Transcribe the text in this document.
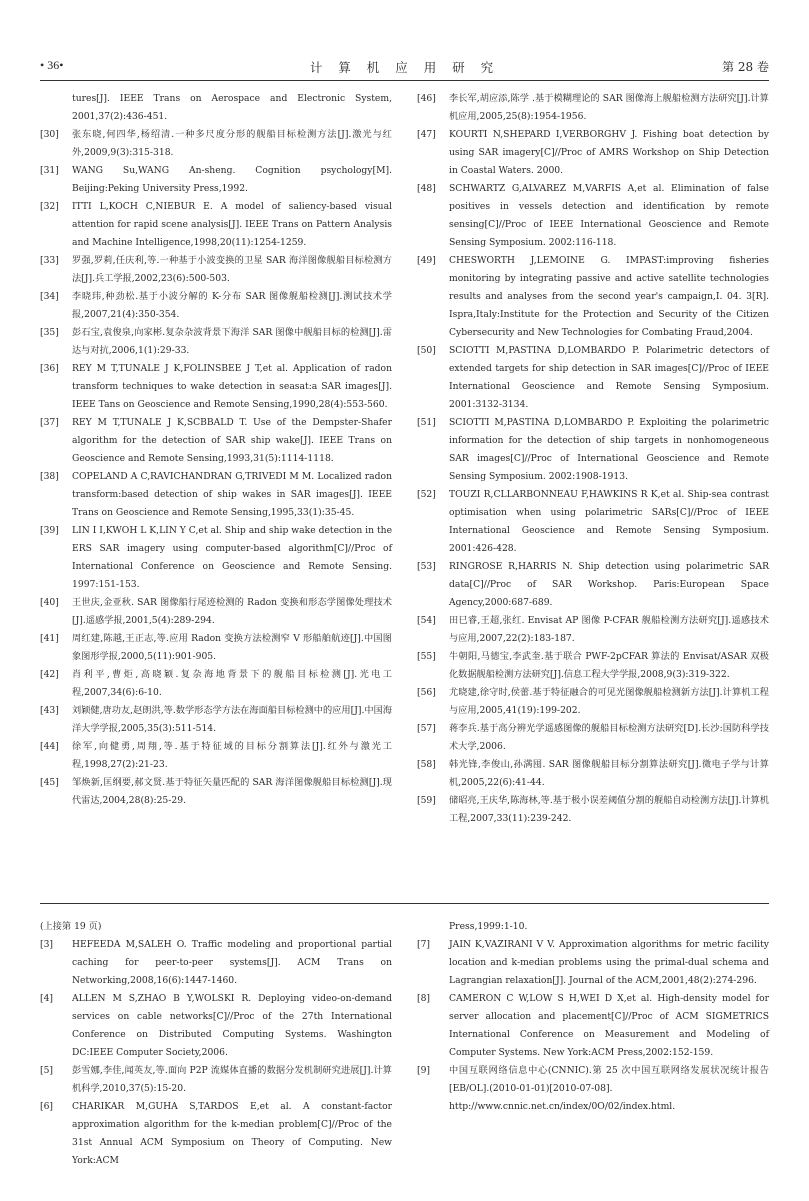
• 36•	计 算 机 应 用 研 究	第 28 卷
tures[J]. IEEE Trans on Aerospace and Electronic System, 2001,37(2):436-451.
[30]	张东晓,何四华,杨绍清.一种多尺度分形的舰船目标检测方法[J].激光与红外,2009,9(3):315-318.
[31]	WANG Su,WANG An-sheng. Cognition psychology[M]. Beijing:Peking University Press,1992.
[32]	ITTI L,KOCH C,NIEBUR E. A model of saliency-based visual attention for rapid scene analysis[J]. IEEE Trans on Pattern Analysis and Machine Intelligence,1998,20(11):1254-1259.
[33]	罗强,罗莉,任庆利,等.一种基于小波变换的卫星 SAR 海洋图像舰船目标检测方法[J].兵工学报,2002,23(6):500-503.
[34]	李晓玮,种劲松.基于小波分解的 K-分布 SAR 图像舰船检测[J].测试技术学报,2007,21(4):350-354.
[35]	彭石宝,袁俊泉,向家彬.复杂杂波背景下海洋 SAR 图像中舰船目标的检测[J].雷达与对抗,2006,1(1):29-33.
[36]	REY M T,TUNALE J K,FOLINSBEE J T,et al. Application of radon transform techniques to wake detection in seasat:a SAR images[J]. IEEE Tans on Geoscience and Remote Sensing,1990,28(4):553-560.
[37]	REY M T,TUNALE J K,SCBBALD T. Use of the Dempster-Shafer algorithm for the detection of SAR ship wake[J]. IEEE Trans on Geoscience and Remote Sensing,1993,31(5):1114-1118.
[38]	COPELAND A C,RAVICHANDRAN G,TRIVEDI M M. Localized radon transform:based detection of ship wakes in SAR images[J]. IEEE Trans on Geoscience and Remote Sensing,1995,33(1):35-45.
[39]	LIN I I,KWOH L K,LIN Y C,et al. Ship and ship wake detection in the ERS SAR imagery using computer-based algorithm[C]//Proc of International Conference on Geoscience and Remote Sensing. 1997:151-153.
[40]	王世庆,金亚秋. SAR 图像船行尾迹检测的 Radon 变换和形态学图像处理技术[J].遥感学报,2001,5(4):289-294.
[41]	周红建,陈越,王正志,等.应用 Radon 变换方法检测窄 V 形船舶航迹[J].中国图象图形学报,2000,5(11):901-905.
[42]	肖利平,曹炬,高晓颖.复杂海地背景下的舰船目标检测[J].光电工程,2007,34(6):6-10.
[43]	刘颖健,唐功友,赵朗洪,等.数学形态学方法在海面船目标检测中的应用[J].中国海洋大学学报,2005,35(3):511-514.
[44]	徐军,向健勇,周翔,等.基于特征域的目标分割算法[J].红外与激光工程,1998,27(2):21-23.
[45]	邹焕新,匡纲要,郝文贤.基于特征矢量匹配的 SAR 海洋图像舰船目标检测[J].现代雷达,2004,28(8):25-29.
[46]	李长军,胡应添,陈学 .基于模糊理论的 SAR 图像海上舰船检测方法研究[J].计算机应用,2005,25(8):1954-1956.
[47]	KOURTI N,SHEPARD I,VERBORGHV J. Fishing boat detection by using SAR imagery[C]//Proc of AMRS Workshop on Ship Detection in Coastal Waters. 2000.
[48]	SCHWARTZ G,ALVAREZ M,VARFIS A,et al. Elimination of false positives in vessels detection and identification by remote sensing[C]//Proc of IEEE International Geoscience and Remote Sensing Symposium. 2002:116-118.
[49]	CHESWORTH J,LEMOINE G. IMPAST:improving fisheries monitoring by integrating passive and active satellite technologies results and analyses from the second year's campaign,I. 04. 3[R]. Ispra,Italy:Institute for the Protection and Security of the Citizen Cybersecurity and New Technologies for Combating Fraud,2004.
[50]	SCIOTTI M,PASTINA D,LOMBARDO P. Polarimetric detectors of extended targets for ship detection in SAR images[C]//Proc of IEEE International Geoscience and Remote Sensing Symposium. 2001:3132-3134.
[51]	SCIOTTI M,PASTINA D,LOMBARDO P. Exploiting the polarimetric information for the detection of ship targets in nonhomogeneous SAR images[C]//Proc of International Geoscience and Remote Sensing Symposium. 2002:1908-1913.
[52]	TOUZI R,CLLARBONNEAU F,HAWKINS R K,et al. Ship-sea contrast optimisation when using polarimetric SARs[C]//Proc of IEEE International Geoscience and Remote Sensing Symposium. 2001:426-428.
[53]	RINGROSE R,HARRIS N. Ship detection using polarimetric SAR data[C]//Proc of SAR Workshop. Paris:European Space Agency,2000:687-689.
[54]	田巳睿,王超,张红. Envisat AP 图像 P-CFAR 舰船检测方法研究[J].遥感技术与应用,2007,22(2):183-187.
[55]	牛朝阳,马德宝,李武奎.基于联合 PWF-2pCFAR 算法的 Envisat/ASAR 双极化数据舰船检测方法研究[J].信息工程大学学报,2008,9(3):319-322.
[56]	尤晓建,徐守时,侯蕾.基于特征融合的可见光图像舰船检测新方法[J].计算机工程与应用,2005,41(19):199-202.
[57]	蒋李兵.基于高分辨光学遥感图像的舰船目标检测方法研究[D].长沙:国防科学技术大学,2006.
[58]	韩光锋,李俊山,孙满囤. SAR 图像舰船目标分割算法研究[J].微电子学与计算机,2005,22(6):41-44.
[59]	储昭亮,王庆华,陈海林,等.基于极小误差阈值分割的舰船自动检测方法[J].计算机工程,2007,33(11):239-242.
(上接第 19 页)
[3]	HEFEEDA M,SALEH O. Traffic modeling and proportional partial caching for peer-to-peer systems[J]. ACM Trans on Networking,2008,16(6):1447-1460.
[4]	ALLEN M S,ZHAO B Y,WOLSKI R. Deploying video-on-demand services on cable networks[C]//Proc of the 27th International Conference on Distributed Computing Systems. Washington DC:IEEE Computer Society,2006.
[5]	彭雪娜,李佳,闻英友,等.面向 P2P 流媒体直播的数据分发机制研究进展[J].计算机科学,2010,37(5):15-20.
[6]	CHARIKAR M,GUHA S,TARDOS E,et al. A constant-factor approximation algorithm for the k-median problem[C]//Proc of the 31st Annual ACM Symposium on Theory of Computing. New York:ACM
Press,1999:1-10.
[7]	JAIN K,VAZIRANI V V. Approximation algorithms for metric facility location and k-median problems using the primal-dual schema and Lagrangian relaxation[J]. Journal of the ACM,2001,48(2):274-296.
[8]	CAMERON C W,LOW S H,WEI D X,et al. High-density model for server allocation and placement[C]//Proc of ACM SIGMETRICS International Conference on Measurement and Modeling of Computer Systems. New York:ACM Press,2002:152-159.
[9]	中国互联网络信息中心(CNNIC).第 25 次中国互联网络发展状况统计报告[EB/OL].(2010-01-01)[2010-07-08]. http://www.cnnic.net.cn/index/0O/02/index.html.
